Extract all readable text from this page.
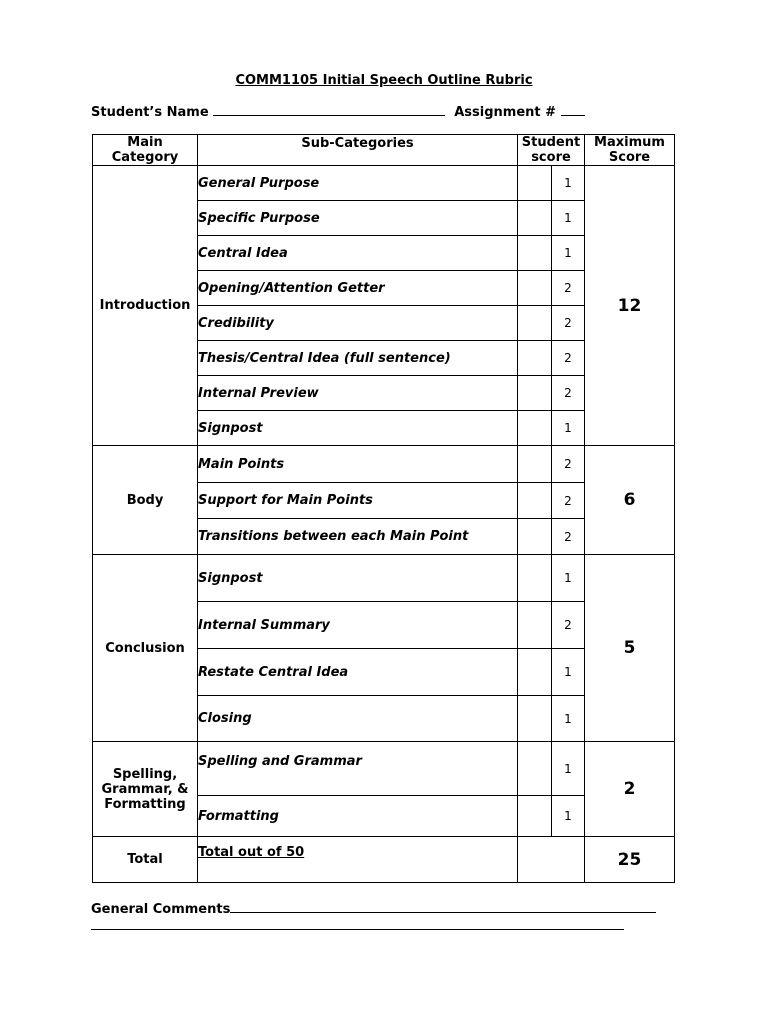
COMM1105 Initial Speech Outline Rubric
Student’s Name	Assignment #
Main Category	Sub-Categories	Student score		Maximum Score
Introduction	General Purpose		1	12
	Specific Purpose		1	
	Central Idea		1	
	Opening/Attention Getter		2	
	Credibility		2	
	Thesis/Central Idea (full sentence)		2	
	Internal Preview		2	
	Signpost		1	
Body	Main Points		2	6
	Support for Main Points		2	
	Transitions between each Main Point		2	
Conclusion	Signpost		1	5
	Internal Summary		2	
	Restate Central Idea		1	
	Closing		1	
Spelling, Grammar, & Formatting	Spelling and Grammar		1	2
	Formatting		1	
Total	Total out of 50			25
General Comments
